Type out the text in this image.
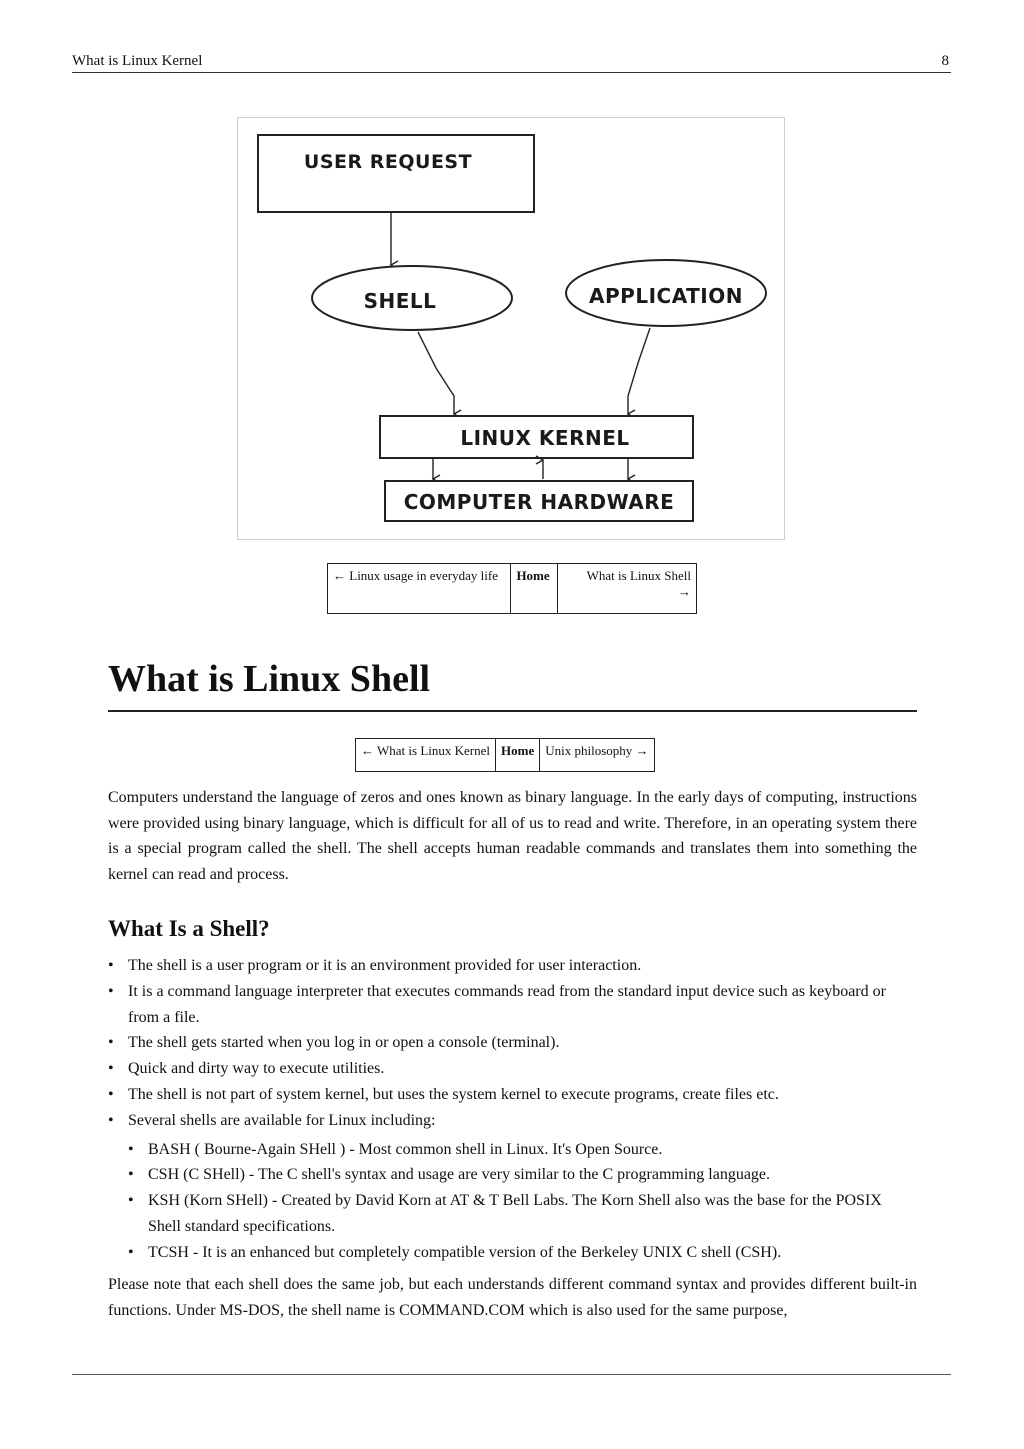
What is Linux Kernel	8
USER REQUEST
SHELL	APPLICATION
LINUX KERNEL
COMPUTER HARDWARE
← Linux usage in everyday life	Home	What is Linux Shell
→
What is Linux Shell
← What is Linux Kernel	Home	Unix philosophy →

Computers understand the language of zeros and ones known as binary language. In the early days of computing, instructions were provided using binary language, which is difficult for all of us to read and write. Therefore, in an operating system there is a special program called the shell. The shell accepts human readable commands and translates them into something the kernel can read and process.

What Is a Shell?
• The shell is a user program or it is an environment provided for user interaction.
• It is a command language interpreter that executes commands read from the standard input device such as keyboard or from a file.
• The shell gets started when you log in or open a console (terminal).
• Quick and dirty way to execute utilities.
• The shell is not part of system kernel, but uses the system kernel to execute programs, create files etc.
• Several shells are available for Linux including:
• BASH ( Bourne-Again SHell ) - Most common shell in Linux. It's Open Source.
• CSH (C SHell) - The C shell's syntax and usage are very similar to the C programming language.
• KSH (Korn SHell) - Created by David Korn at AT & T Bell Labs. The Korn Shell also was the base for the POSIX Shell standard specifications.
• TCSH - It is an enhanced but completely compatible version of the Berkeley UNIX C shell (CSH).

Please note that each shell does the same job, but each understands different command syntax and provides different built-in functions. Under MS-DOS, the shell name is COMMAND.COM which is also used for the same purpose,
